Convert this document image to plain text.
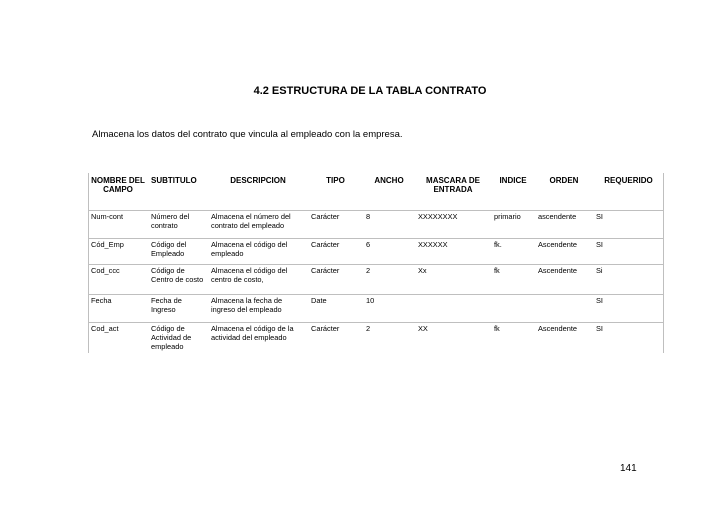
4.2 ESTRUCTURA DE LA TABLA CONTRATO
Almacena los datos del contrato que vincula al empleado con la empresa.
NOMBRE DEL CAMPO	SUBTITULO	DESCRIPCION	TIPO	ANCHO	MASCARA DE ENTRADA	INDICE	ORDEN	REQUERIDO
Num-cont	Número del contrato	Almacena el número del contrato del empleado	Carácter	8	XXXXXXXX	primario	ascendente	SI
Cód_Emp	Código del Empleado	Almacena el código del empleado	Carácter	6	XXXXXX	fk.	Ascendente	SI
Cod_ccc	Código de Centro de costo	Almacena el código del centro de costo,	Carácter	2	Xx	fk	Ascendente	Si
Fecha	Fecha de Ingreso	Almacena la fecha de ingreso del empleado	Date	10				SI
Cod_act	Código de Actividad de empleado	Almacena el código de la actividad del empleado	Carácter	2	XX	fk	Ascendente	SI
141
